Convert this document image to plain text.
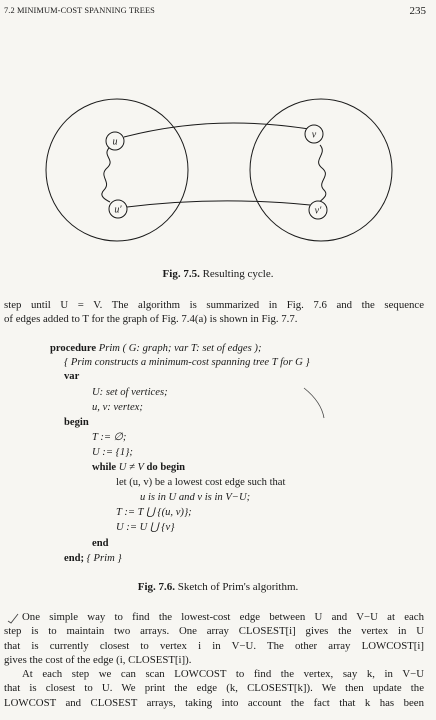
7.2 MINIMUM-COST SPANNING TREES	235
u
u′
v
v′
Fig. 7.5. Resulting cycle.
step until U = V. The algorithm is summarized in Fig. 7.6 and the sequence
of edges added to T for the graph of Fig. 7.4(a) is shown in Fig. 7.7.
procedure Prim ( G: graph; var T: set of edges );
{ Prim constructs a minimum-cost spanning tree T for G }
var
U: set of vertices;
u, v: vertex;
begin
T := ∅;
U := {1};
while U ≠ V do begin
let (u, v) be a lowest cost edge such that
u is in U and v is in V−U;
T := T ⋃ {(u, v)};
U := U ⋃ {v}
end
end; { Prim }
Fig. 7.6. Sketch of Prim's algorithm.
One simple way to find the lowest-cost edge between U and V−U at each
step is to maintain two arrays. One array CLOSEST[i] gives the vertex in U
that is currently closest to vertex i in V−U. The other array LOWCOST[i]
gives the cost of the edge (i, CLOSEST[i]).
At each step we can scan LOWCOST to find the vertex, say k, in V−U
that is closest to U. We print the edge (k, CLOSEST[k]). We then update the
LOWCOST and CLOSEST arrays, taking into account the fact that k has been
